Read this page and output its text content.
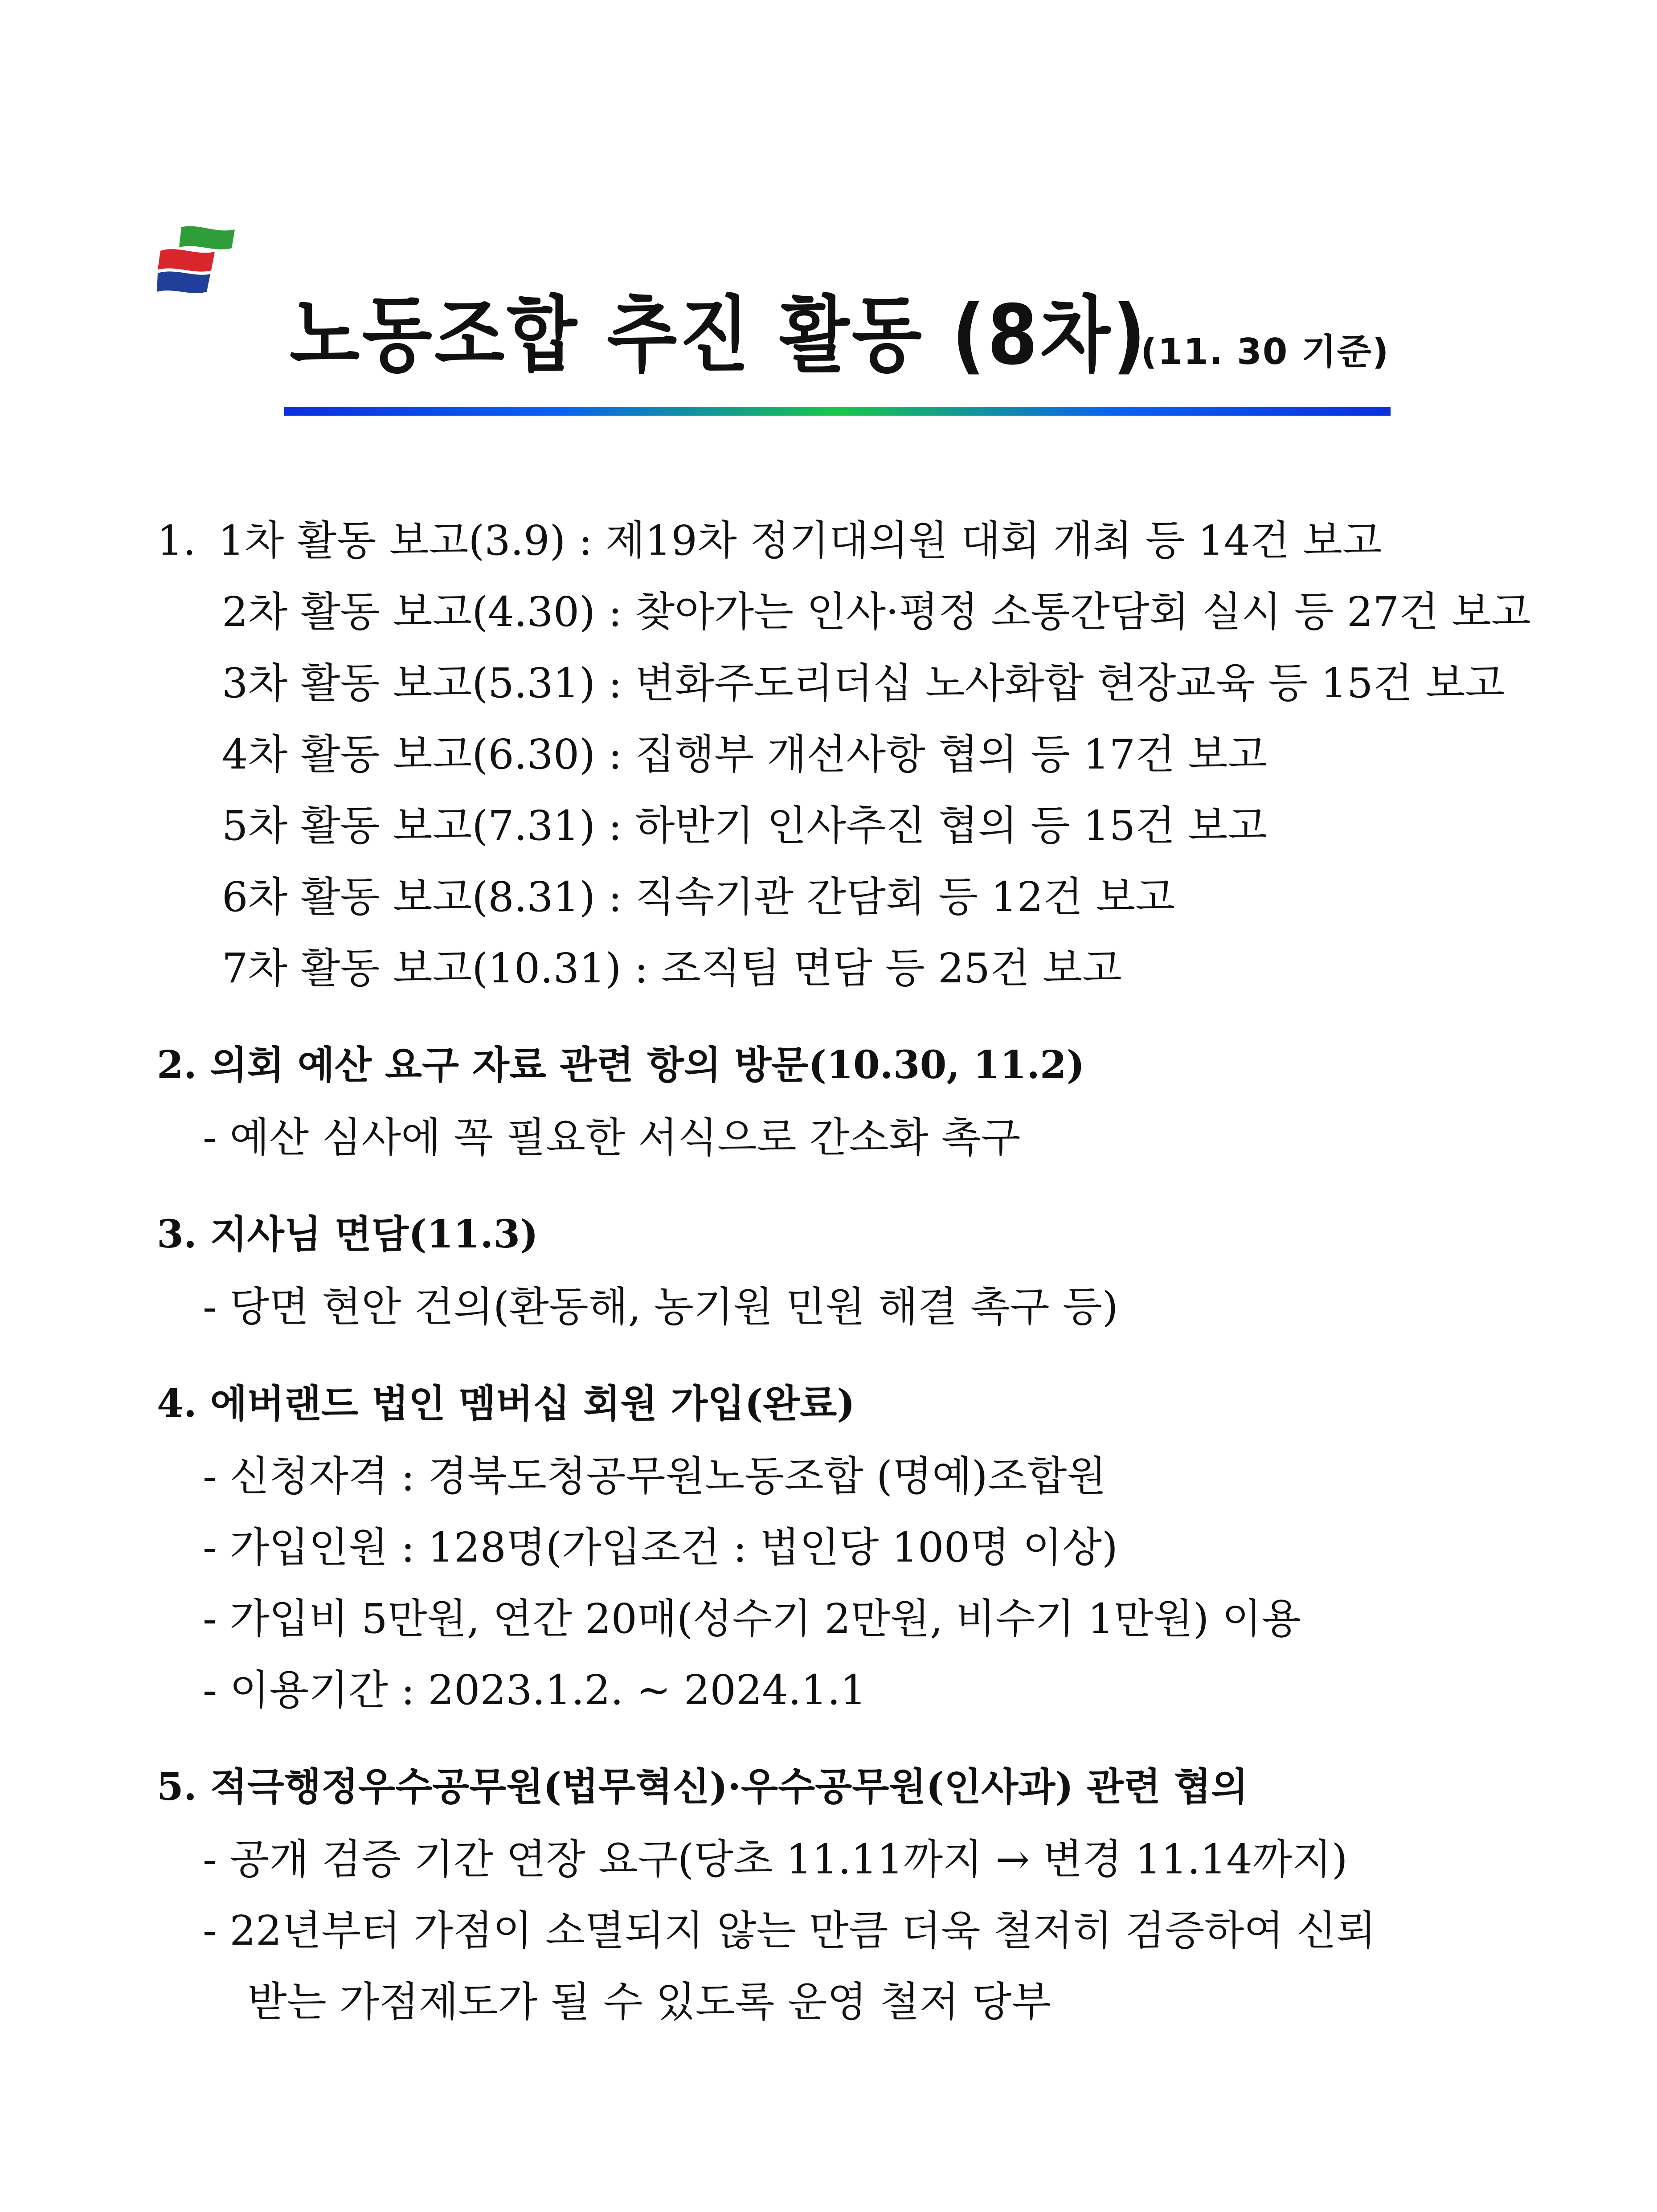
노동조합 추진 활동 (8차)
(11. 30 기준)
1. 1차 활동 보고(3.9) : 제19차 정기대의원 대회 개최 등 14건 보고
2차 활동 보고(4.30) : 찾아가는 인사·평정 소통간담회 실시 등 27건 보고
3차 활동 보고(5.31) : 변화주도리더십 노사화합 현장교육 등 15건 보고
4차 활동 보고(6.30) : 집행부 개선사항 협의 등 17건 보고
5차 활동 보고(7.31) : 하반기 인사추진 협의 등 15건 보고
6차 활동 보고(8.31) : 직속기관 간담회 등 12건 보고
7차 활동 보고(10.31) : 조직팀 면담 등 25건 보고
2. 의회 예산 요구 자료 관련 항의 방문(10.30, 11.2)
- 예산 심사에 꼭 필요한 서식으로 간소화 촉구
3. 지사님 면담(11.3)
- 당면 현안 건의(환동해, 농기원 민원 해결 촉구 등)
4. 에버랜드 법인 멤버십 회원 가입(완료)
- 신청자격 : 경북도청공무원노동조합 (명예)조합원
- 가입인원 : 128명(가입조건 : 법인당 100명 이상)
- 가입비 5만원, 연간 20매(성수기 2만원, 비수기 1만원) 이용
- 이용기간 : 2023.1.2. ~ 2024.1.1
5. 적극행정우수공무원(법무혁신)·우수공무원(인사과) 관련 협의
- 공개 검증 기간 연장 요구(당초 11.11까지 → 변경 11.14까지)
- 22년부터 가점이 소멸되지 않는 만큼 더욱 철저히 검증하여 신뢰
받는 가점제도가 될 수 있도록 운영 철저 당부
